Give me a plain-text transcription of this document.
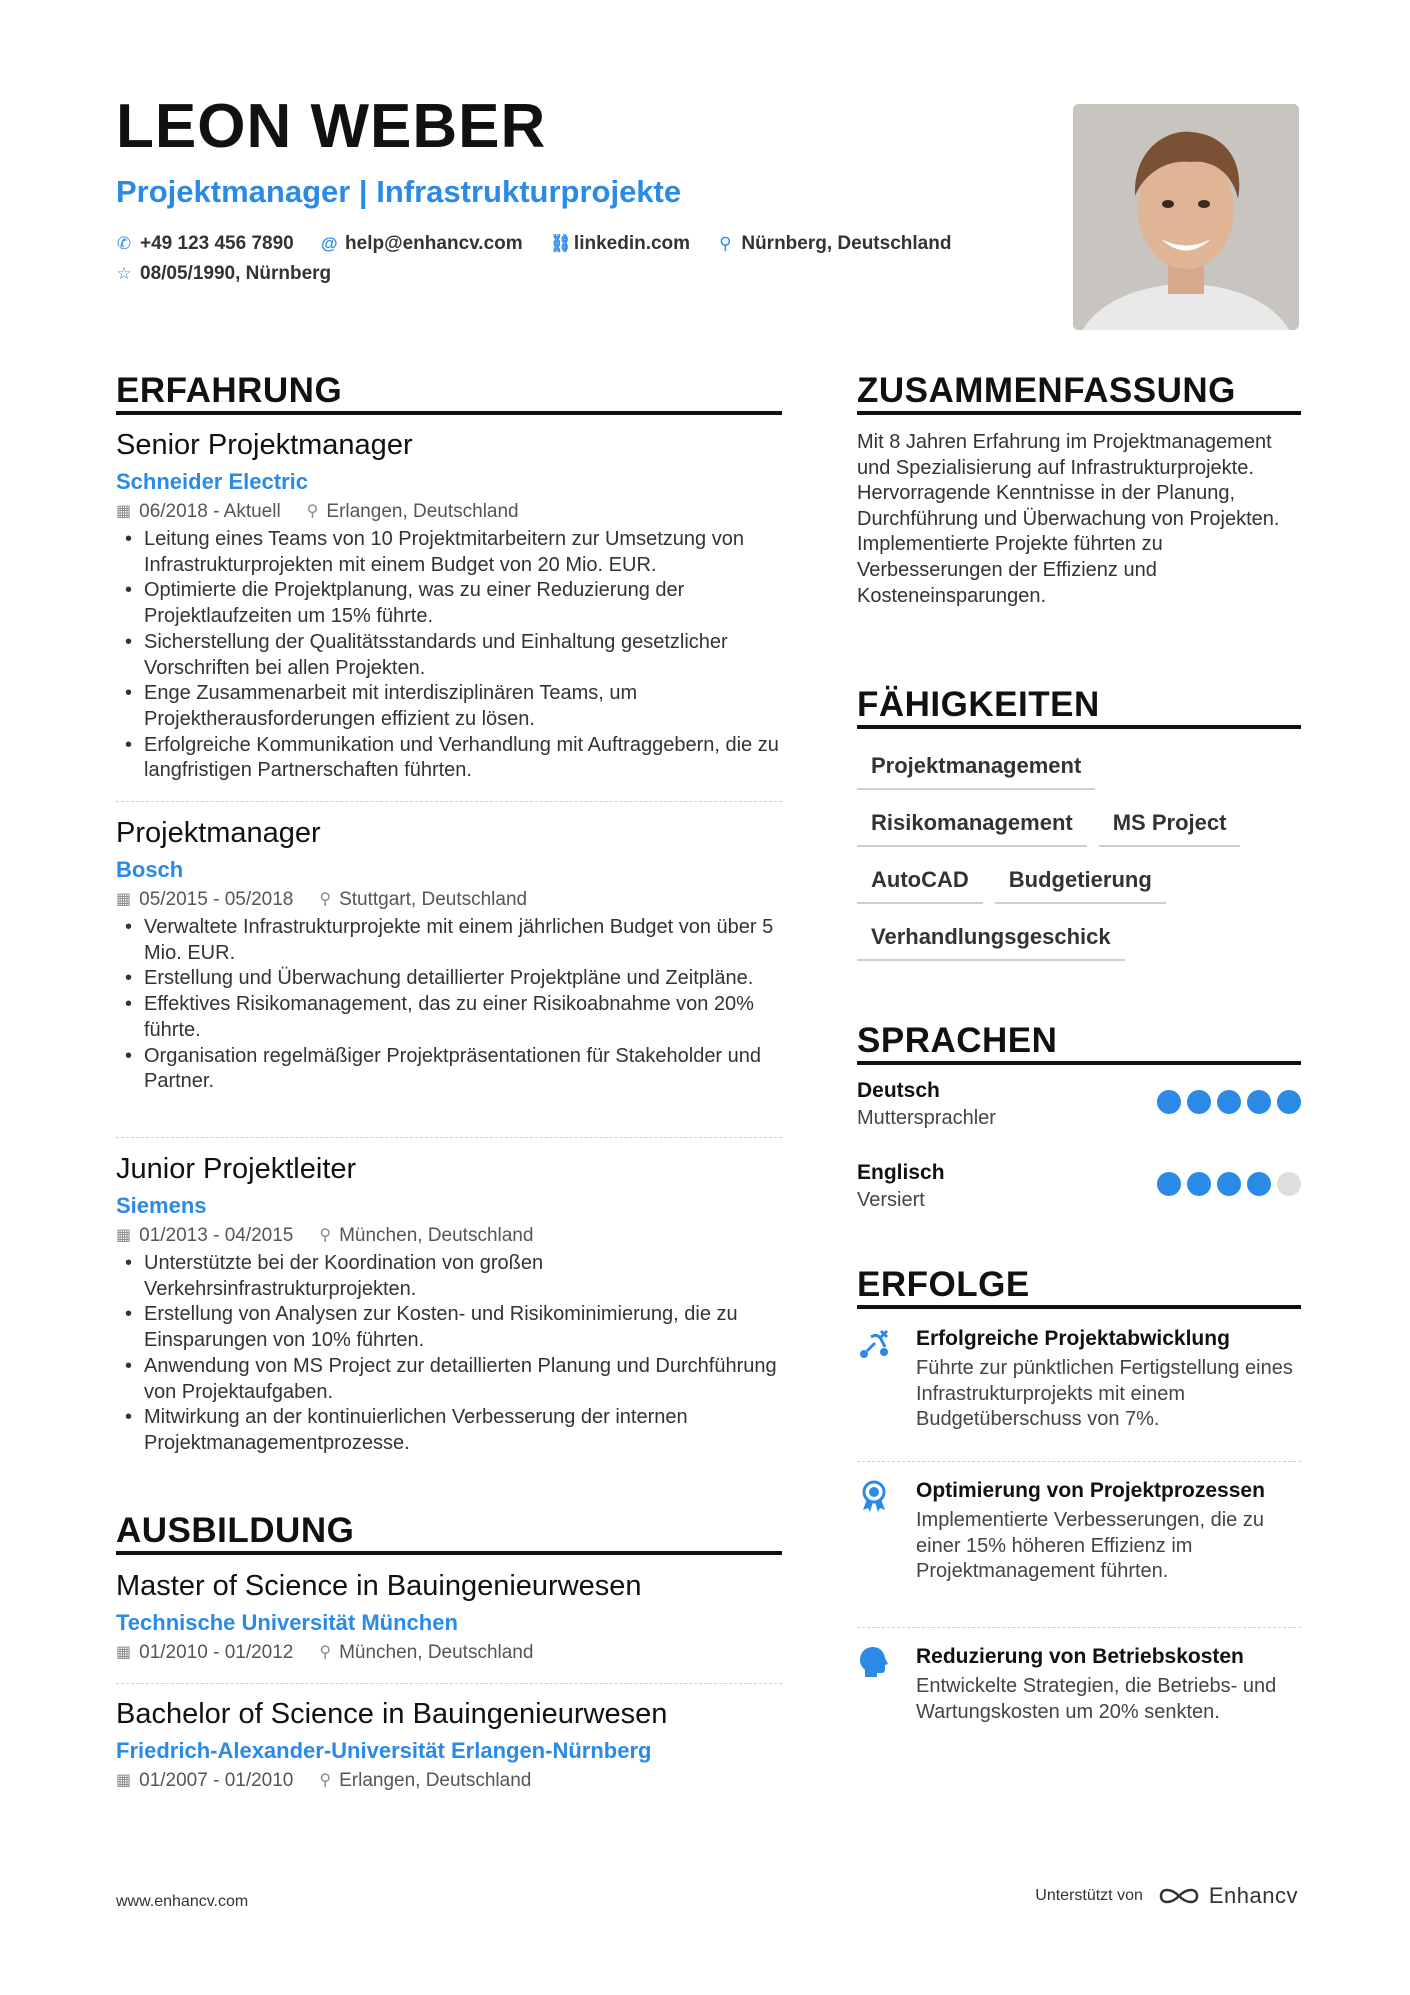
LEON WEBER
Projektmanager | Infrastrukturprojekte
✆ +49 123 456 7890
@ help@enhancv.com
⛓ linkedin.com
⚲ Nürnberg, Deutschland

☆ 08/05/1990, Nürnberg
ERFAHRUNG
Senior Projektmanager
Schneider Electric
▦ 06/2018 - Aktuell ⚲ Erlangen, Deutschland
• Leitung eines Teams von 10 Projektmitarbeitern zur Umsetzung von Infrastrukturprojekten mit einem Budget von 20 Mio. EUR.
• Optimierte die Projektplanung, was zu einer Reduzierung der Projektlaufzeiten um 15% führte.
• Sicherstellung der Qualitätsstandards und Einhaltung gesetzlicher Vorschriften bei allen Projekten.
• Enge Zusammenarbeit mit interdisziplinären Teams, um Projektherausforderungen effizient zu lösen.
• Erfolgreiche Kommunikation und Verhandlung mit Auftraggebern, die zu langfristigen Partnerschaften führten.
Projektmanager
Bosch
▦ 05/2015 - 05/2018 ⚲ Stuttgart, Deutschland
• Verwaltete Infrastrukturprojekte mit einem jährlichen Budget von über 5 Mio. EUR.
• Erstellung und Überwachung detaillierter Projektpläne und Zeitpläne.
• Effektives Risikomanagement, das zu einer Risikoabnahme von 20% führte.
• Organisation regelmäßiger Projektpräsentationen für Stakeholder und Partner.
Junior Projektleiter
Siemens
▦ 01/2013 - 04/2015 ⚲ München, Deutschland
• Unterstützte bei der Koordination von großen Verkehrsinfrastrukturprojekten.
• Erstellung von Analysen zur Kosten- und Risikominimierung, die zu Einsparungen von 10% führten.
• Anwendung von MS Project zur detaillierten Planung und Durchführung von Projektaufgaben.
• Mitwirkung an der kontinuierlichen Verbesserung der internen Projektmanagementprozesse.
AUSBILDUNG
Master of Science in Bauingenieurwesen
Technische Universität München
▦ 01/2010 - 01/2012 ⚲ München, Deutschland
Bachelor of Science in Bauingenieurwesen
Friedrich-Alexander-Universität Erlangen-Nürnberg
▦ 01/2007 - 01/2010 ⚲ Erlangen, Deutschland
ZUSAMMENFASSUNG
Mit 8 Jahren Erfahrung im Projektmanagement und Spezialisierung auf Infrastrukturprojekte. Hervorragende Kenntnisse in der Planung, Durchführung und Überwachung von Projekten. Implementierte Projekte führten zu Verbesserungen der Effizienz und Kosteneinsparungen.
FÄHIGKEITEN
Projektmanagement
Risikomanagement	MS Project
AutoCAD	Budgetierung
Verhandlungsgeschick
SPRACHEN
Deutsch
Muttersprachler
Englisch
Versiert
ERFOLGE
Erfolgreiche Projektabwicklung
Führte zur pünktlichen Fertigstellung eines Infrastrukturprojekts mit einem Budgetüberschuss von 7%.
Optimierung von Projektprozessen
Implementierte Verbesserungen, die zu einer 15% höheren Effizienz im Projektmanagement führten.
Reduzierung von Betriebskosten
Entwickelte Strategien, die Betriebs- und Wartungskosten um 20% senkten.
www.enhancv.com	Unterstützt von	Enhancv
